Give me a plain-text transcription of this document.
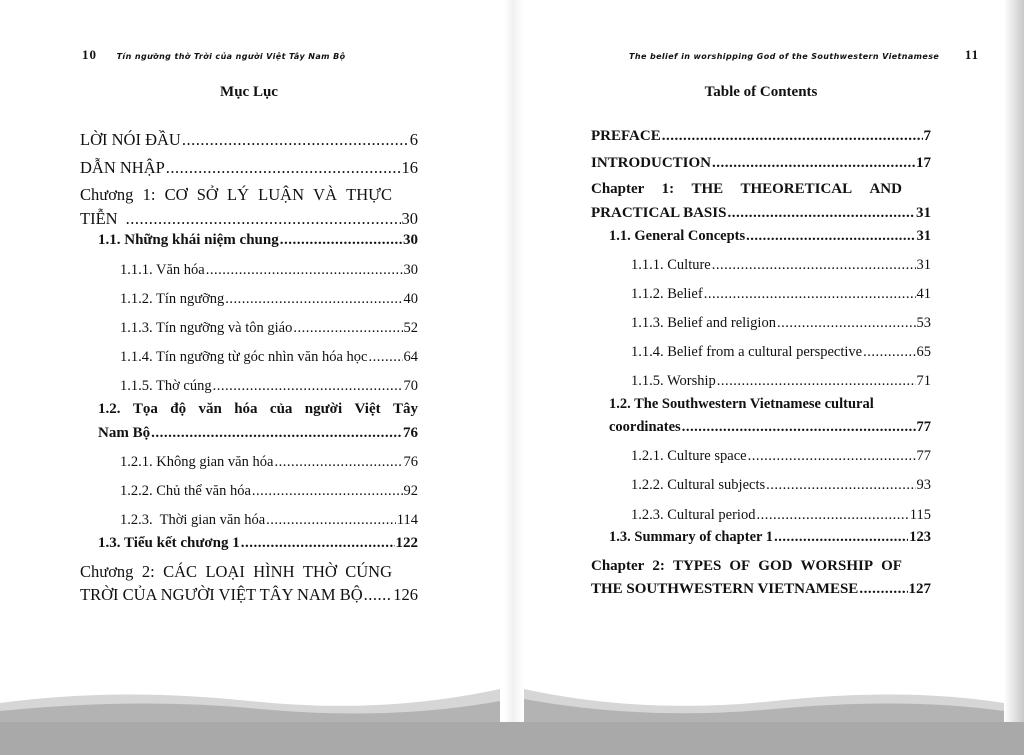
10 Tín ngưỡng thờ Trời của người Việt Tây Nam Bộ
Mục Lục
LỜI NÓI ĐẦU .....	6
DẪN NHẬP .....	16
Chương 1: CƠ SỞ LÝ LUẬN VÀ THỰC
TIỄN .....	30
1.1. Những khái niệm chung .....	30
1.1.1. Văn hóa .....	30
1.1.2. Tín ngưỡng .....	40
1.1.3. Tín ngưỡng và tôn giáo .....	52
1.1.4. Tín ngưỡng từ góc nhìn văn hóa học ..... 64
1.1.5. Thờ cúng .....	70
1.2. Tọa độ văn hóa của người Việt Tây
Nam Bộ .....	76
1.2.1. Không gian văn hóa .....	76
1.2.2. Chủ thể văn hóa .....	92
1.2.3.  Thời gian văn hóa .....	114
1.3. Tiểu kết chương 1 .....	122
Chương 2: CÁC LOẠI HÌNH THỜ CÚNG
TRỜI CỦA NGƯỜI VIỆT TÂY NAM BỘ ..... 126
The belief in worshipping God of the Southwestern Vietnamese 11
Table of Contents
PREFACE .....	7
INTRODUCTION .....	17
Chapter 1: THE THEORETICAL AND
PRACTICAL BASIS .....	31
1.1. General Concepts .....	31
1.1.1. Culture .....	31
1.1.2. Belief .....	41
1.1.3. Belief and religion .....	53
1.1.4. Belief from a cultural perspective .....	65
1.1.5. Worship .....	71
1.2. The Southwestern Vietnamese cultural
coordinates .....	77
1.2.1. Culture space .....	77
1.2.2. Cultural subjects .....	93
1.2.3. Cultural period .....	115
1.3. Summary of chapter 1 .....	123
Chapter 2: TYPES OF GOD WORSHIP OF
THE SOUTHWESTERN VIETNAMESE .....	127
